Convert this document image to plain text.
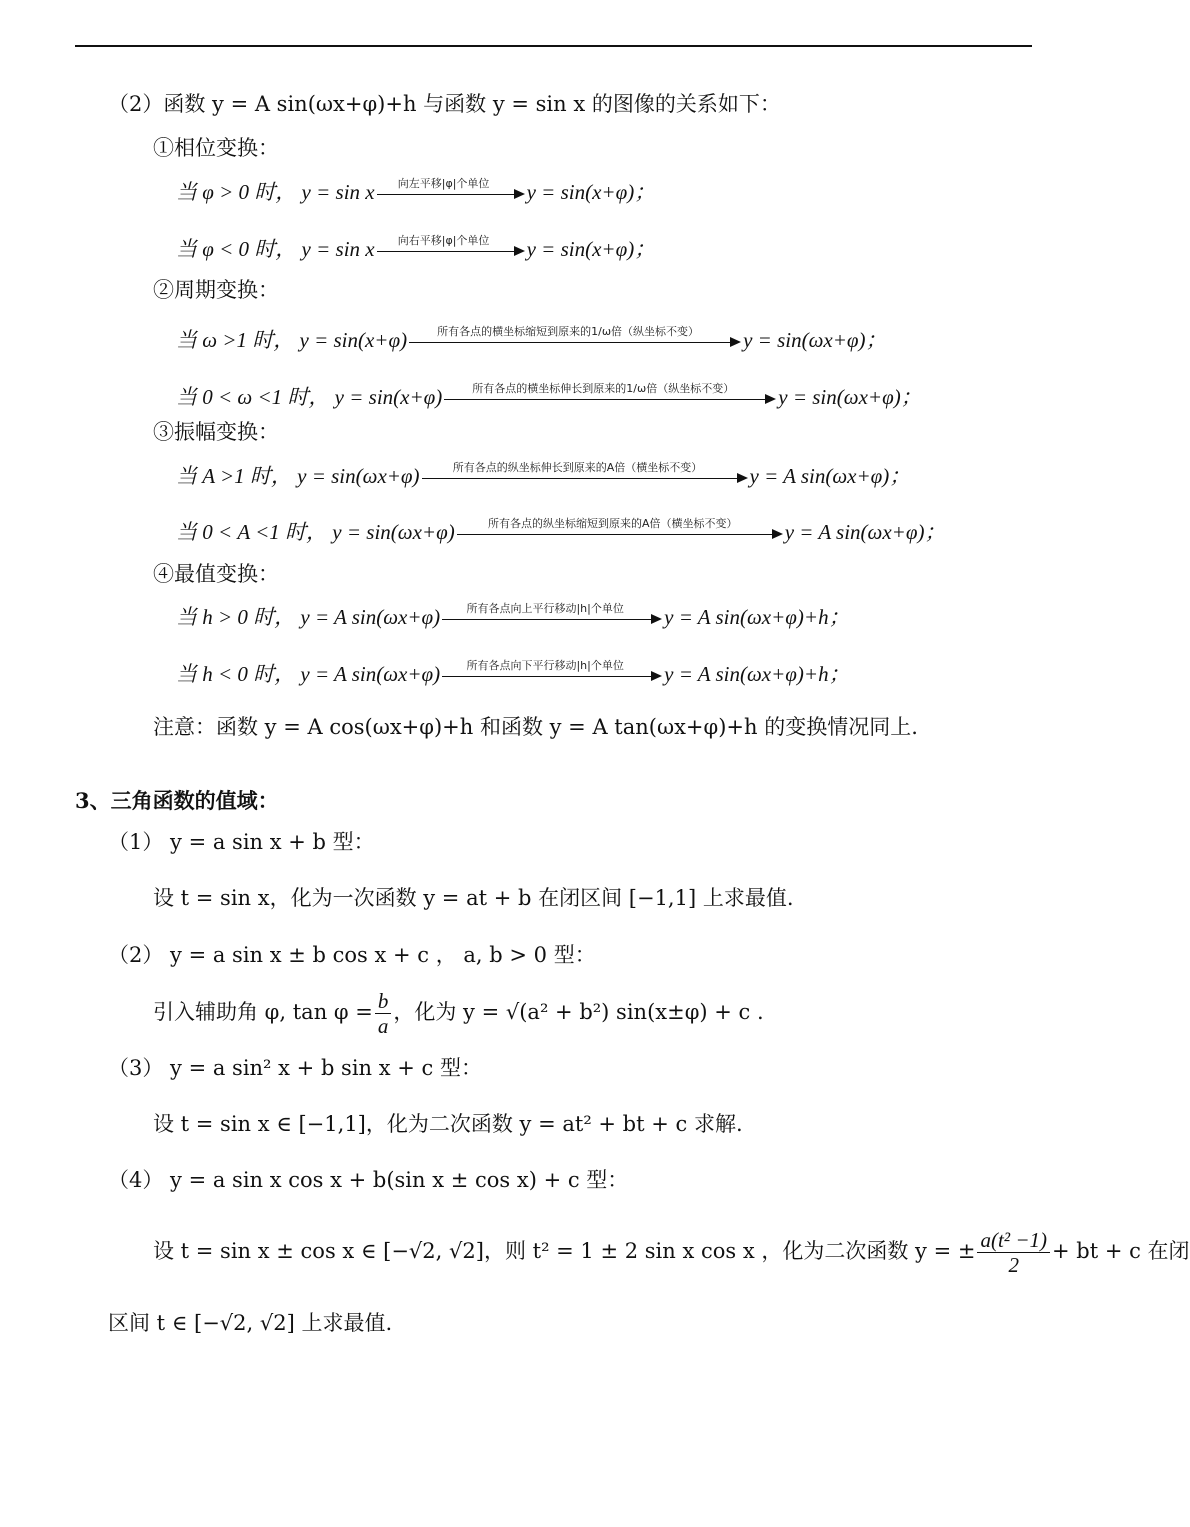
（2）函数 y = A sin(ωx+φ)+h 与函数 y = sin x 的图像的关系如下：
①相位变换：
当 φ > 0 时， y = sin x	向左平移|φ|个单位	y = sin(x+φ)；
当 φ < 0 时， y = sin x	向右平移|φ|个单位	y = sin(x+φ)；
②周期变换：
当 ω >1 时， y = sin(x+φ)	所有各点的横坐标缩短到原来的1/ω倍（纵坐标不变）	y = sin(ωx+φ)；
当 0 < ω <1 时， y = sin(x+φ)	所有各点的横坐标伸长到原来的1/ω倍（纵坐标不变）	y = sin(ωx+φ)；
③振幅变换：
当 A >1 时， y = sin(ωx+φ)	所有各点的纵坐标伸长到原来的A倍（横坐标不变）	y = A sin(ωx+φ)；
当 0 < A <1 时， y = sin(ωx+φ)	所有各点的纵坐标缩短到原来的A倍（横坐标不变）	y = A sin(ωx+φ)；
④最值变换：
当 h > 0 时， y = A sin(ωx+φ)	所有各点向上平行移动|h|个单位	y = A sin(ωx+φ)+h；
当 h < 0 时， y = A sin(ωx+φ)	所有各点向下平行移动|h|个单位	y = A sin(ωx+φ)+h；
注意：函数 y = A cos(ωx+φ)+h 和函数 y = A tan(ωx+φ)+h 的变换情况同上.
3、三角函数的值域：
（1） y = a sin x + b 型：
设 t = sin x，化为一次函数 y = at + b 在闭区间 [−1,1] 上求最值.
（2） y = a sin x ± b cos x + c ， a, b > 0 型：
引入辅助角 φ, $\tan \varphi = \frac{b}{a}$ ，化为 y = √(a² + b²) sin(x±φ) + c .
（3） y = a sin² x + b sin x + c 型：
设 t = sin x ∈ [−1,1]，化为二次函数 y = at² + bt + c 求解.
（4） y = a sin x cos x + b(sin x ± cos x) + c 型：
设 t = sin x ± cos x ∈ [−√2, √2]，则 t² = 1 ± 2 sin x cos x ，化为二次函数 y = ± $\frac{\text{a(t² −1)}}{2}$ + bt + c 在闭
区间 t ∈ [−√2, √2] 上求最值.
